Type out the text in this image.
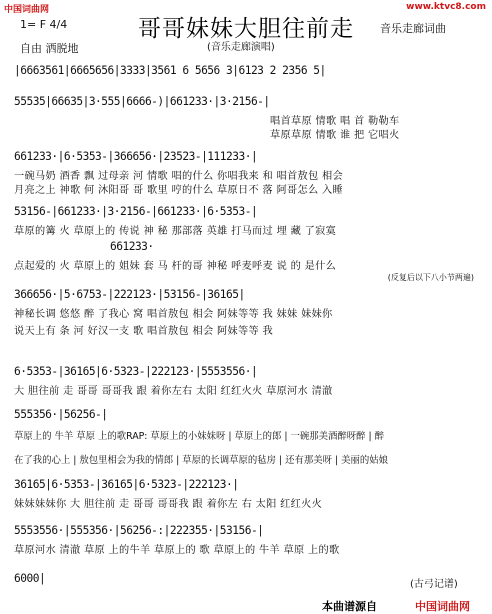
中国词曲网	www.ktvc8.com
哥哥妹妹大胆往前走
1= F 4/4	音乐走廊词曲
自由 洒脱地	(音乐走廊演唱)
|6663561|6665656|3333|3561 6 5656 3|6123 2 2356 5|
55535|66635|3·555|6666-)|661233·|3·2156-|
唱首草原 情歌 唱 首 勒勒车
草原草原 情歌 谁 把 它唱火
661233·|6·5353-|366656·|23523-|111233·|
一碗马奶 酒香 飘 过母亲 河 情歌 唱的什么 你唱我来 和 唱首敖包 相会
月亮之上 神歌 何 沐阳哥 哥 歌里 哼的什么 草原日不 落 阿哥怎么 入睡
53156-|661233·|3·2156-|661233·|6·5353-|
草原的篝 火 草原上的 传说 神 秘 那部落 英雄 打马而过 埋 藏 了寂寞
661233·
点起爱的 火 草原上的 姐妹 套 马 杆的哥 神秘 呼麦呼麦 说 的 是什么
(反复后以下八小节两遍)
366656·|5·6753-|222123·|53156-|36165|
神秘长调 悠悠 醉 了我心 窝 唱首敖包 相会 阿妹等等 我 妹妹 妹妹你
说天上有 条 河 好汉一支 歌 唱首敖包 相会 阿妹等等 我
6·5353-|36165|6·5323-|222123·|5553556·|
大 胆往前 走 哥哥 哥哥我 跟 着你左右 太阳 红红火火 草原河水 清澈
555356·|56256-|
草原上的 牛羊 草原 上的歌RAP: 草原上的小妹妹呀 | 草原上的郎 | 一碗那美酒醉呀醉 | 醉
在了我的心上 | 敖包里相会为我的情郎 | 草原的长调草原的毡房 | 还有那美呀 | 美丽的姑娘
36165|6·5353-|36165|6·5323-|222123·|
妹妹妹妹你 大 胆往前 走 哥哥 哥哥我 跟 着你左 右 太阳 红红火火
5553556·|555356·|56256-:|222355·|53156-|
草原河水 清澈 草原 上的牛羊 草原上的 歌 草原上的 牛羊 草原 上的歌
6000|	(古弓记谱)
本曲谱源自	中国词曲网
